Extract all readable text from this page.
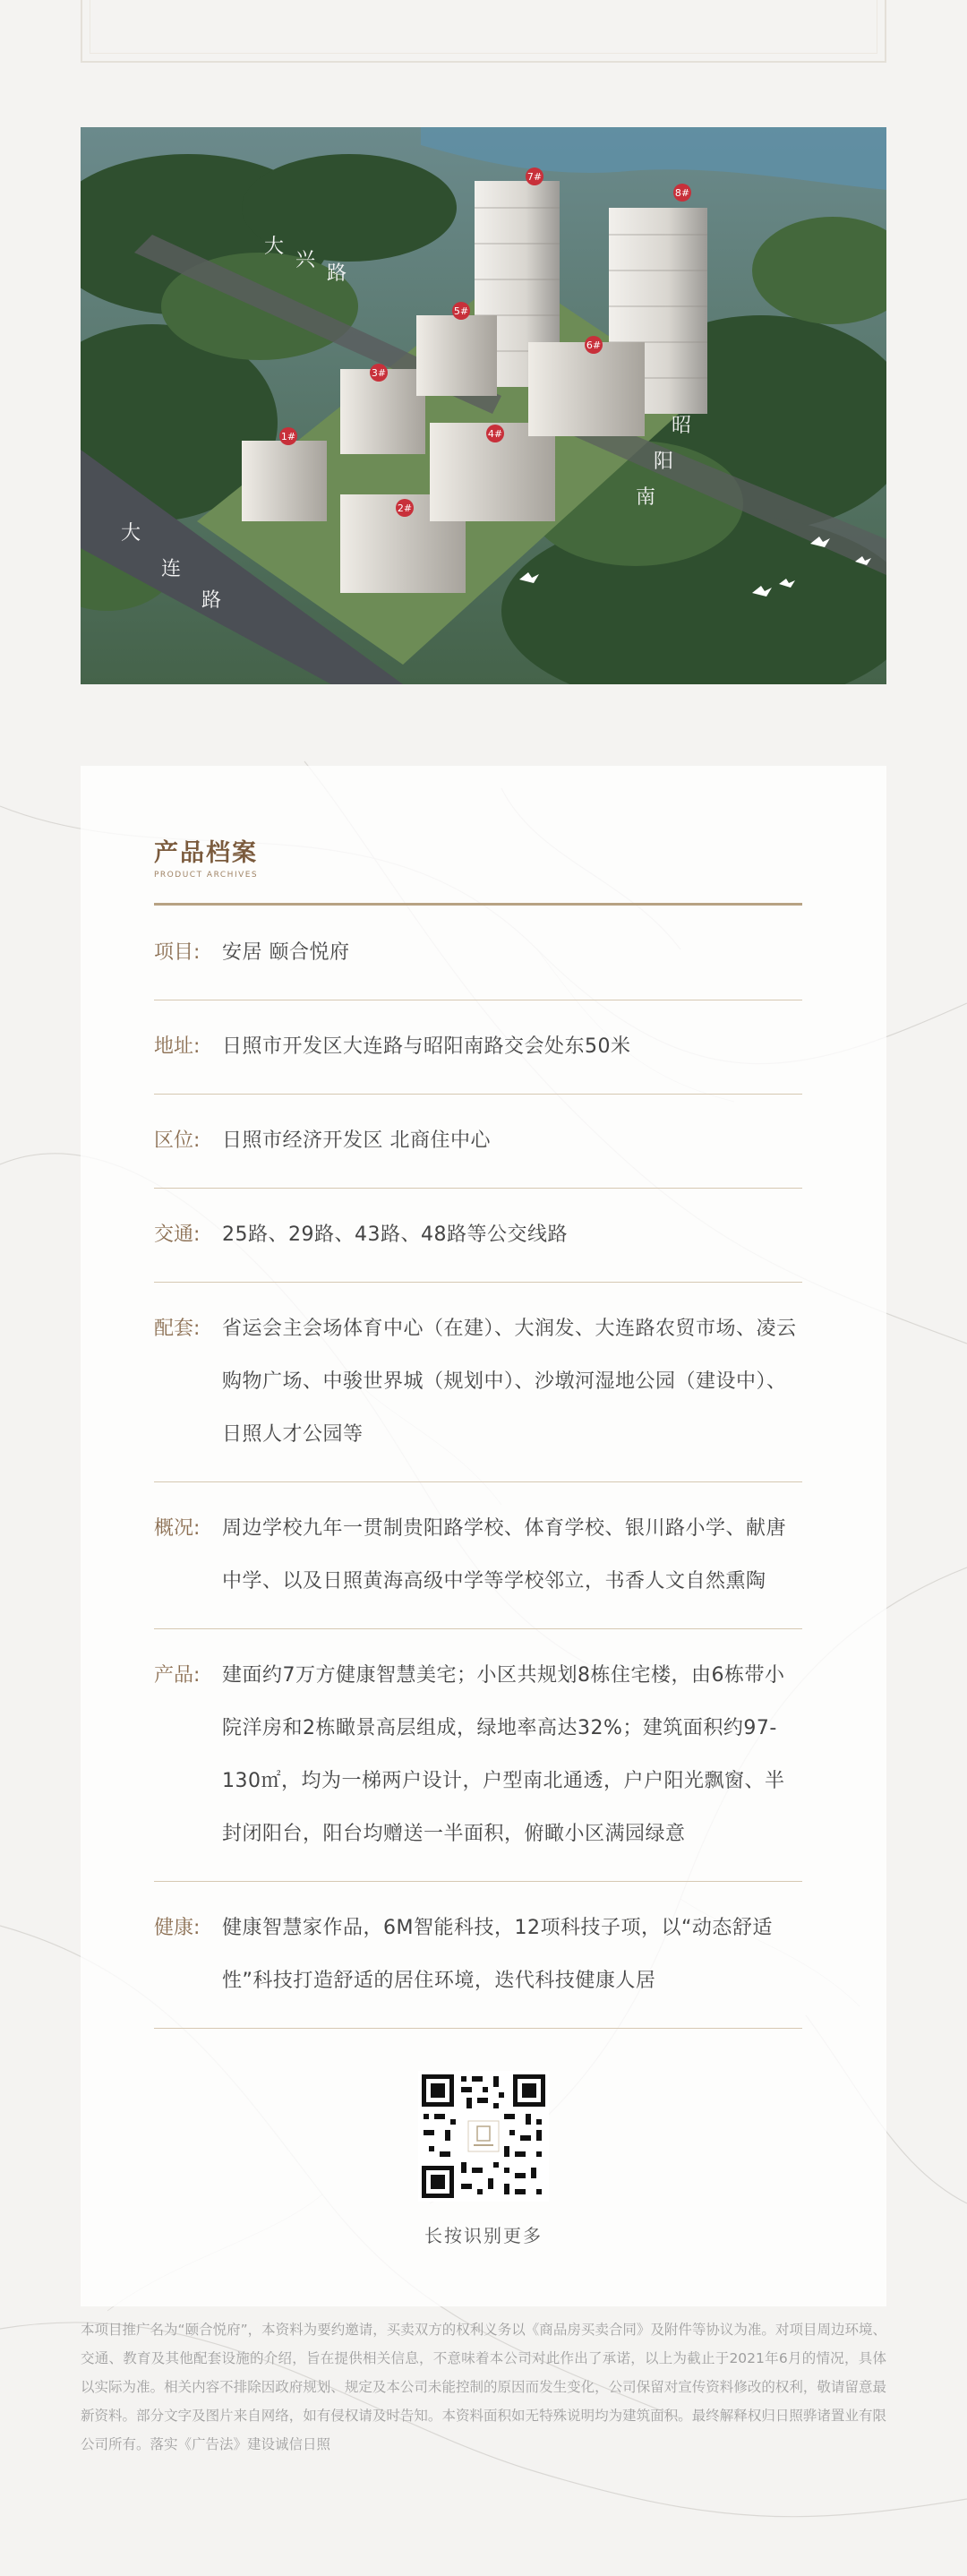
大
兴
路
大
连
路
昭
阳
南
1#
2#
3#
4#
5#
6#
7#
8#
产品档案
PRODUCT ARCHIVES
项目:	安居 颐合悦府
地址:	日照市开发区大连路与昭阳南路交会处东50米
区位:	日照市经济开发区 北商住中心
交通:	25路、29路、43路、48路等公交线路
配套:	省运会主会场体育中心（在建）、大润发、大连路农贸市场、凌云购物广场、中骏世界城（规划中）、沙墩河湿地公园（建设中）、日照人才公园等
概况:	周边学校九年一贯制贵阳路学校、体育学校、银川路小学、献唐中学、以及日照黄海高级中学等学校邻立，书香人文自然熏陶
产品:	建面约7万方健康智慧美宅；小区共规划8栋住宅楼，由6栋带小院洋房和2栋瞰景高层组成，绿地率高达32%；建筑面积约97-130㎡，均为一梯两户设计，户型南北通透，户户阳光飘窗、半封闭阳台，阳台均赠送一半面积，俯瞰小区满园绿意
健康:	健康智慧家作品，6M智能科技，12项科技子项，以“动态舒适性”科技打造舒适的居住环境，迭代科技健康人居
长按识别更多
本项目推广名为“颐合悦府”，本资料为要约邀请，买卖双方的权利义务以《商品房买卖合同》及附件等协议为准。对项目周边环境、交通、教育及其他配套设施的介绍，旨在提供相关信息，不意味着本公司对此作出了承诺，以上为截止于2021年6月的情况，具体以实际为准。相关内容不排除因政府规划、规定及本公司未能控制的原因而发生变化，公司保留对宣传资料修改的权利，敬请留意最新资料。部分文字及图片来自网络，如有侵权请及时告知。本资料面积如无特殊说明均为建筑面积。最终解释权归日照骅诸置业有限公司所有。落实《广告法》建设诚信日照
